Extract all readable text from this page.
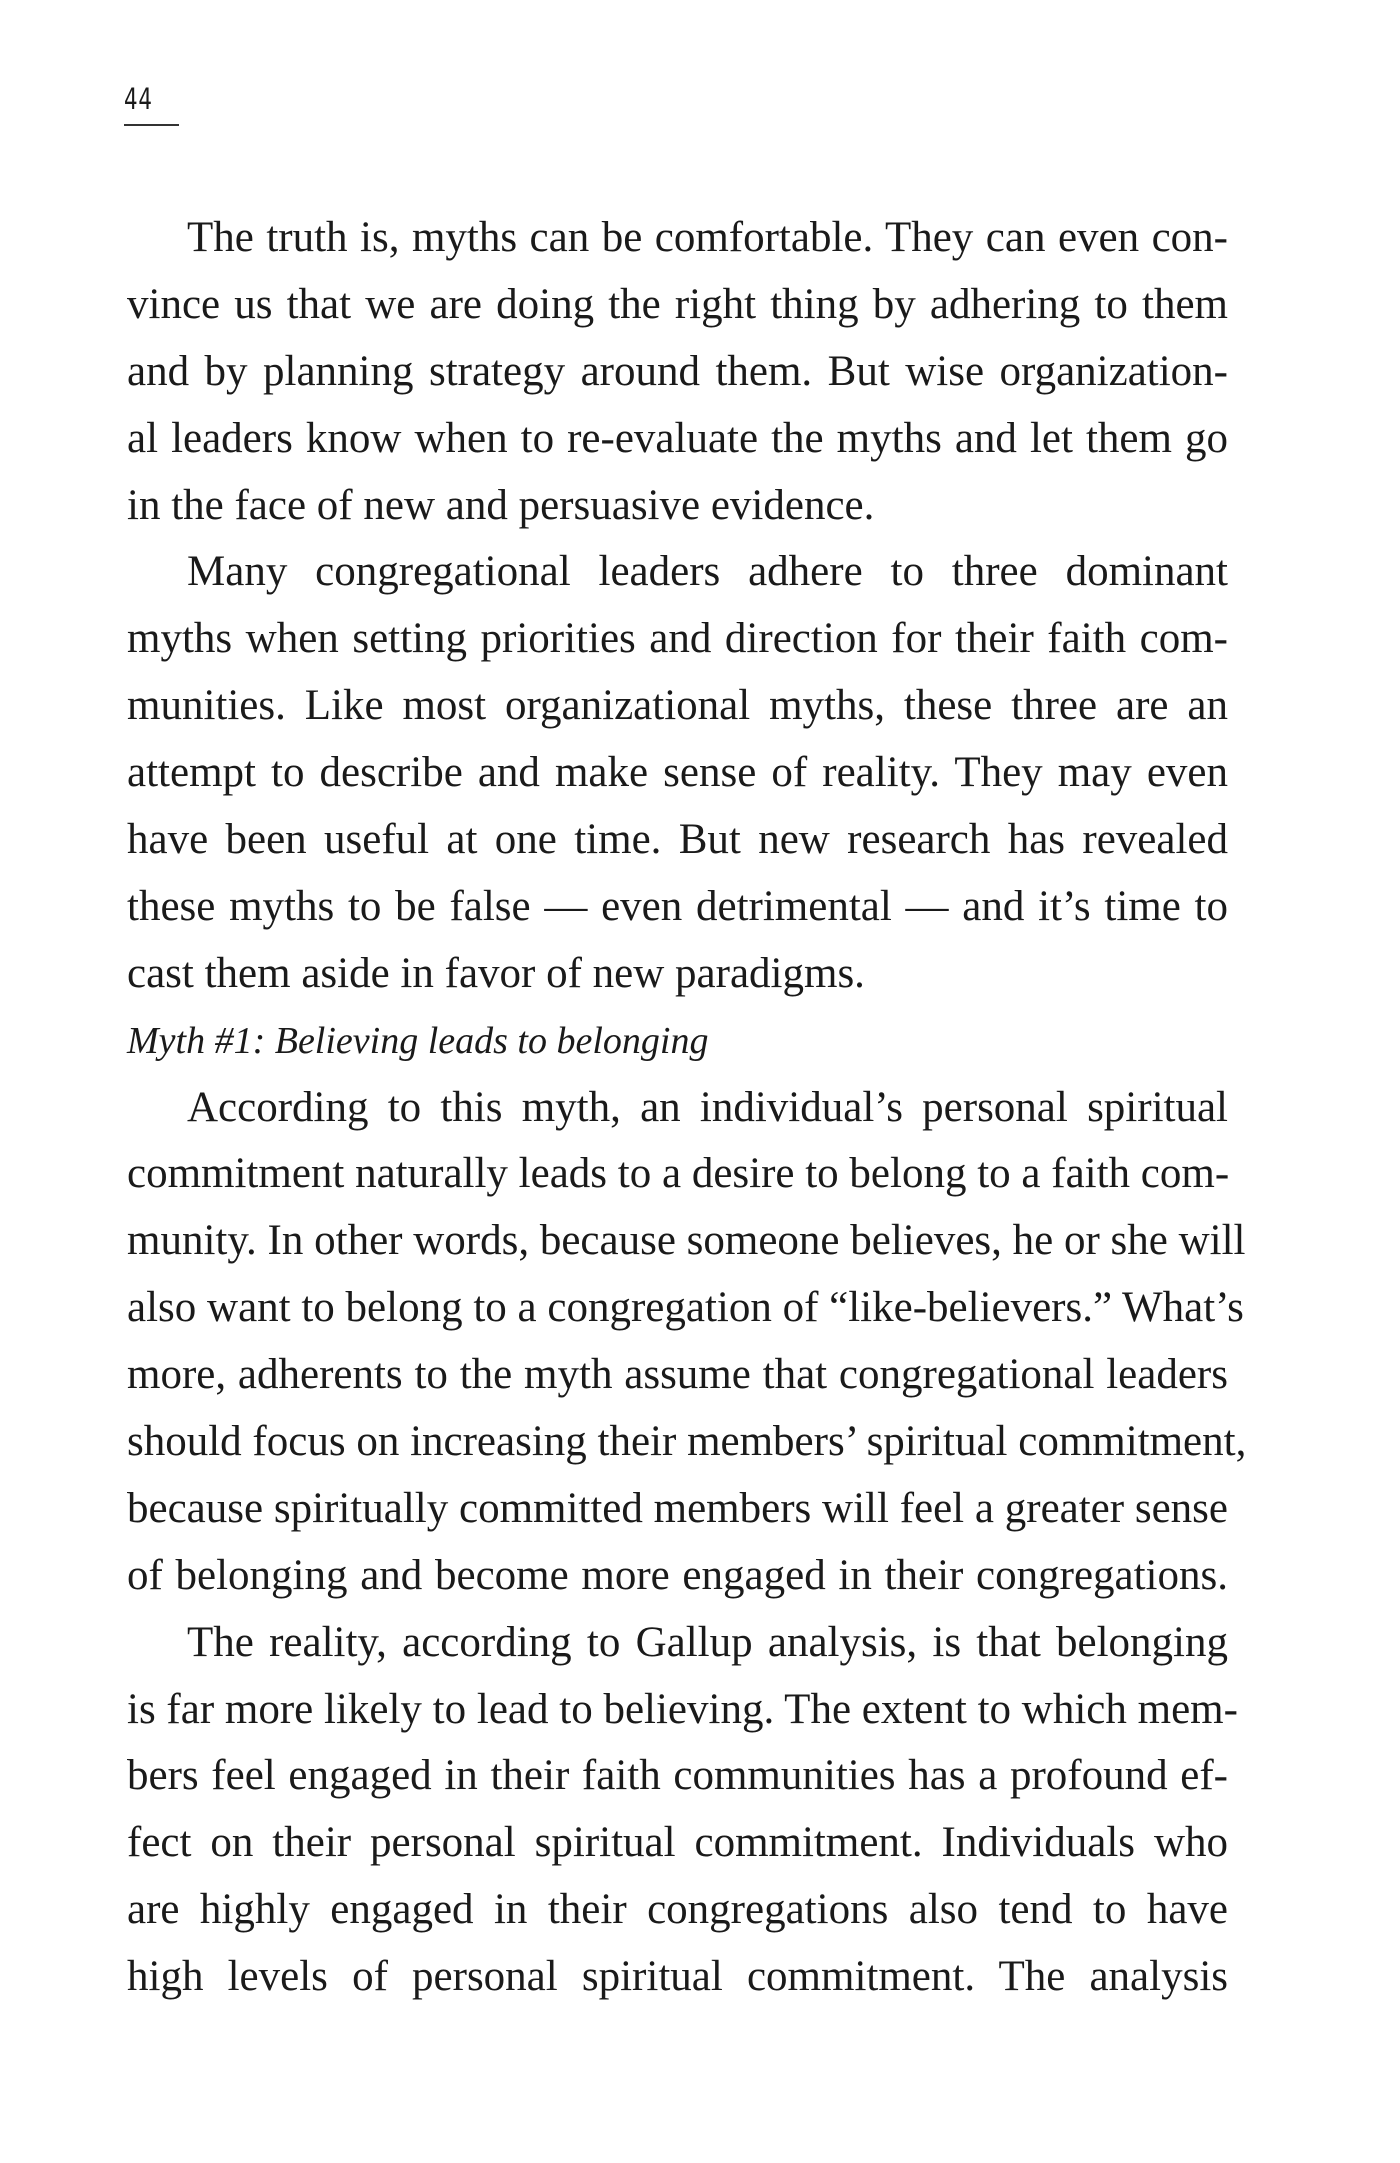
44
The truth is, myths can be comfortable. They can even con-
vince us that we are doing the right thing by adhering to them
and by planning strategy around them. But wise organization-
al leaders know when to re-evaluate the myths and let them go
in the face of new and persuasive evidence.
Many congregational leaders adhere to three dominant
myths when setting priorities and direction for their faith com-
munities. Like most organizational myths, these three are an
attempt to describe and make sense of reality. They may even
have been useful at one time. But new research has revealed
these myths to be false — even detrimental — and it’s time to
cast them aside in favor of new paradigms.
Myth #1: Believing leads to belonging
According to this myth, an individual’s personal spiritual
commitment naturally leads to a desire to belong to a faith com-
munity. In other words, because someone believes, he or she will
also want to belong to a congregation of “like-believers.” What’s
more, adherents to the myth assume that congregational leaders
should focus on increasing their members’ spiritual commitment,
because spiritually committed members will feel a greater sense
of belonging and become more engaged in their congregations.
The reality, according to Gallup analysis, is that belonging
is far more likely to lead to believing. The extent to which mem-
bers feel engaged in their faith communities has a profound ef-
fect on their personal spiritual commitment. Individuals who
are highly engaged in their congregations also tend to have
high levels of personal spiritual commitment. The analysis
